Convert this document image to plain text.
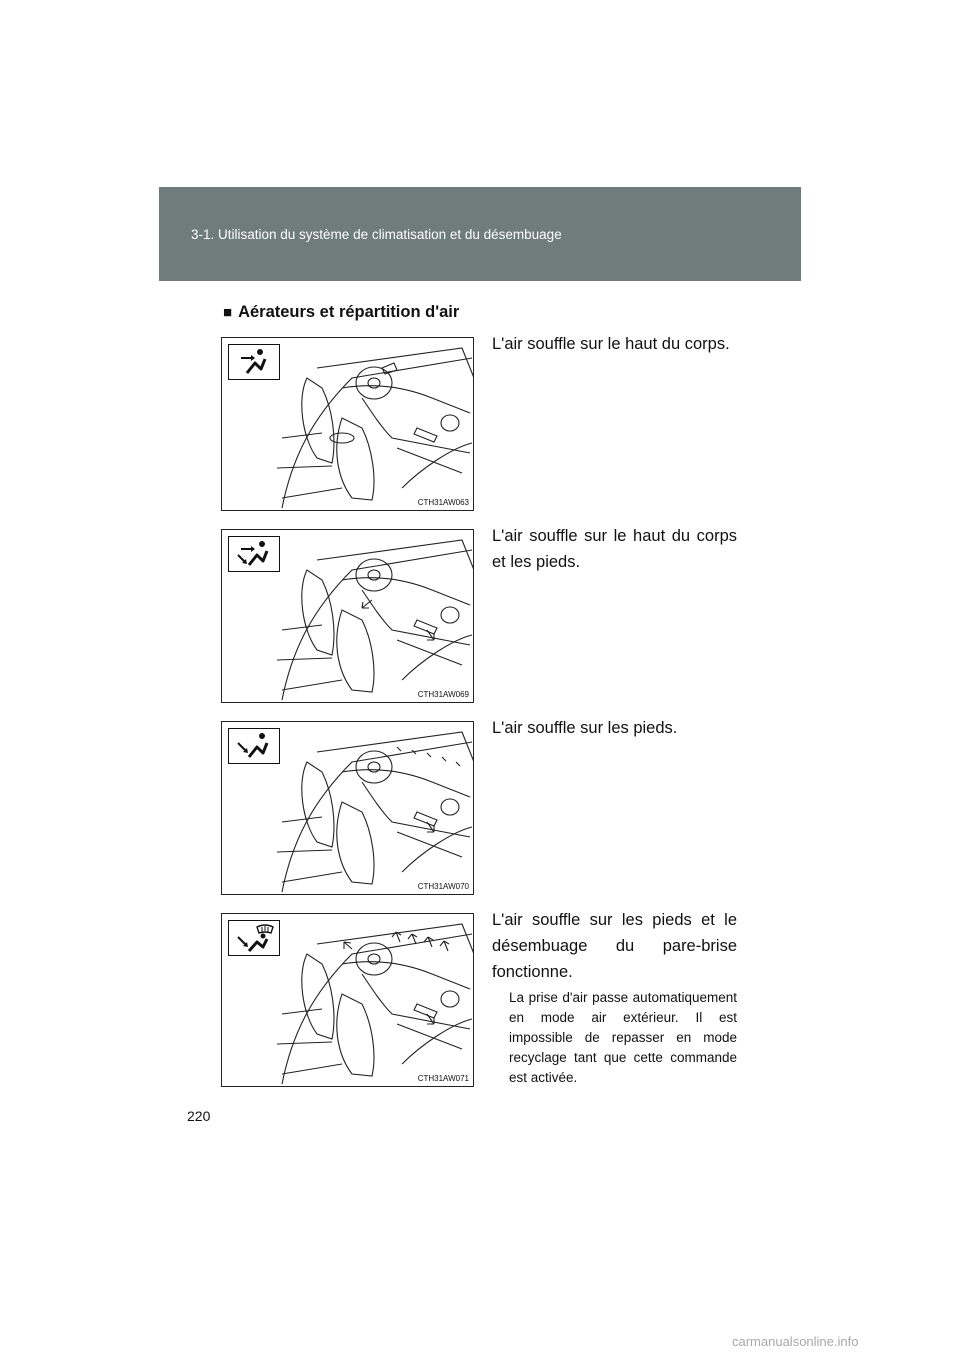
3-1. Utilisation du système de climatisation et du désembuage
■ Aérateurs et répartition d'air
CTH31AW063
L'air souffle sur le haut du corps.
CTH31AW069
L'air souffle sur le haut du corps
et les pieds.
CTH31AW070
L'air souffle sur les pieds.
CTH31AW071
L'air souffle sur les pieds et le
désembuage du pare-brise
fonctionne.
La prise d'air passe automatiquement en mode air extérieur. Il est impossible de repasser en mode recyclage tant que cette commande est activée.
220
carmanualsonline.info
